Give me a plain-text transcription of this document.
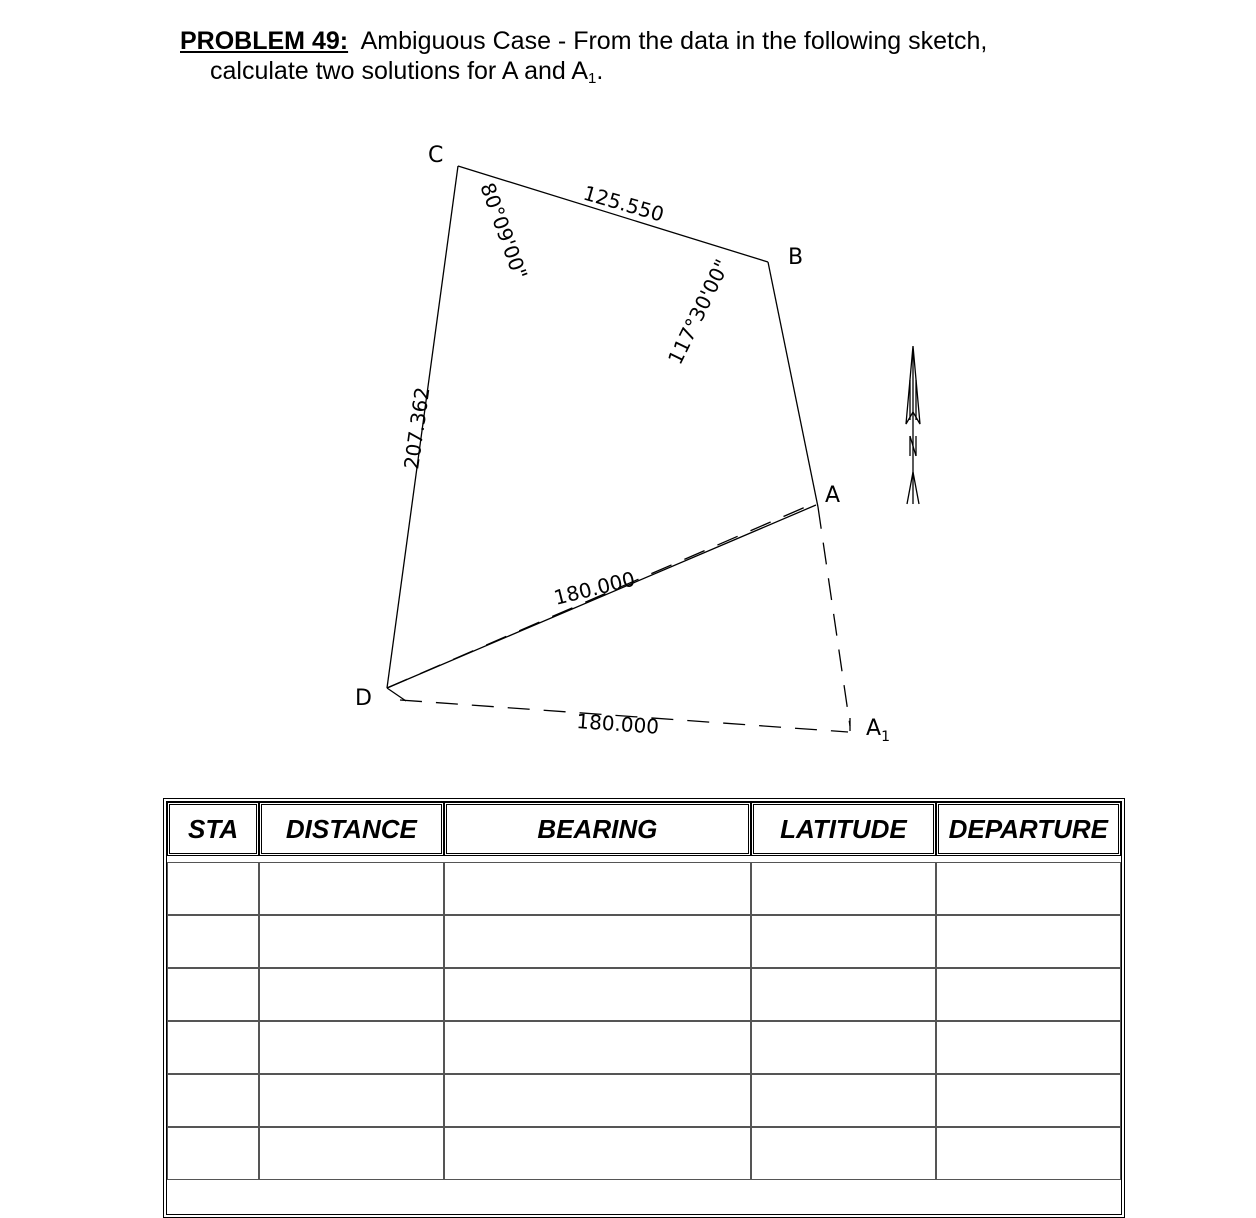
PROBLEM 49: Ambiguous Case - From the data in the following sketch,
calculate two solutions for A and $A_1$.
C
B
A
D
$A_1$
125.550
207.362
180.000
180.000
80°09'00"
117°30'00"
STA	DISTANCE	BEARING	LATITUDE	DEPARTURE
